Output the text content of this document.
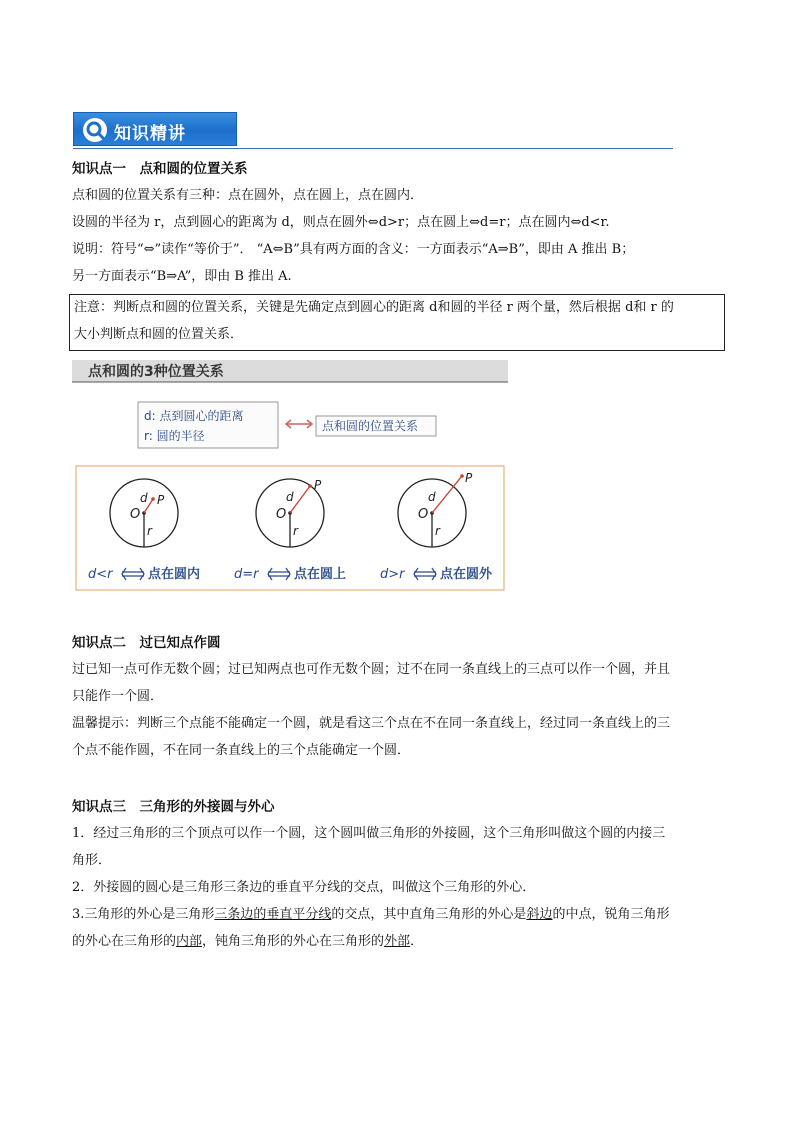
知识精讲
知识点一　点和圆的位置关系
点和圆的位置关系有三种：点在圆外，点在圆上，点在圆内．
设圆的半径为 r，点到圆心的距离为 d，则点在圆外⇔d>r；点在圆上⇔d=r；点在圆内⇔d<r.
说明：符号“⇔”读作“等价于”． “A⇔B”具有两方面的含义：一方面表示“A⇒B”，即由 A 推出 B；
另一方面表示“B⇒A”，即由 B 推出 A.
注意：判断点和圆的位置关系，关键是先确定点到圆心的距离 d和圆的半径 r 两个量，然后根据 d和 r 的
大小判断点和圆的位置关系．
点和圆的3种位置关系
d: 点到圆心的距离
r: 圆的半径
点和圆的位置关系
O
d P
r
O
d
P
r
O
d
P
r
d<r	点在圆内	d=r	点在圆上	d>r	点在圆外
知识点二　过已知点作圆
过已知一点可作无数个圆；过已知两点也可作无数个圆；过不在同一条直线上的三点可以作一个圆，并且
只能作一个圆．
温馨提示：判断三个点能不能确定一个圆，就是看这三个点在不在同一条直线上，经过同一条直线上的三
个点不能作圆，不在同一条直线上的三个点能确定一个圆．
知识点三　三角形的外接圆与外心
1．经过三角形的三个顶点可以作一个圆，这个圆叫做三角形的外接圆，这个三角形叫做这个圆的内接三
角形．
2．外接圆的圆心是三角形三条边的垂直平分线的交点，叫做这个三角形的外心．
3.三角形的外心是三角形三条边的垂直平分线的交点，其中直角三角形的外心是斜边的中点，锐角三角形
的外心在三角形的内部，钝角三角形的外心在三角形的外部．
